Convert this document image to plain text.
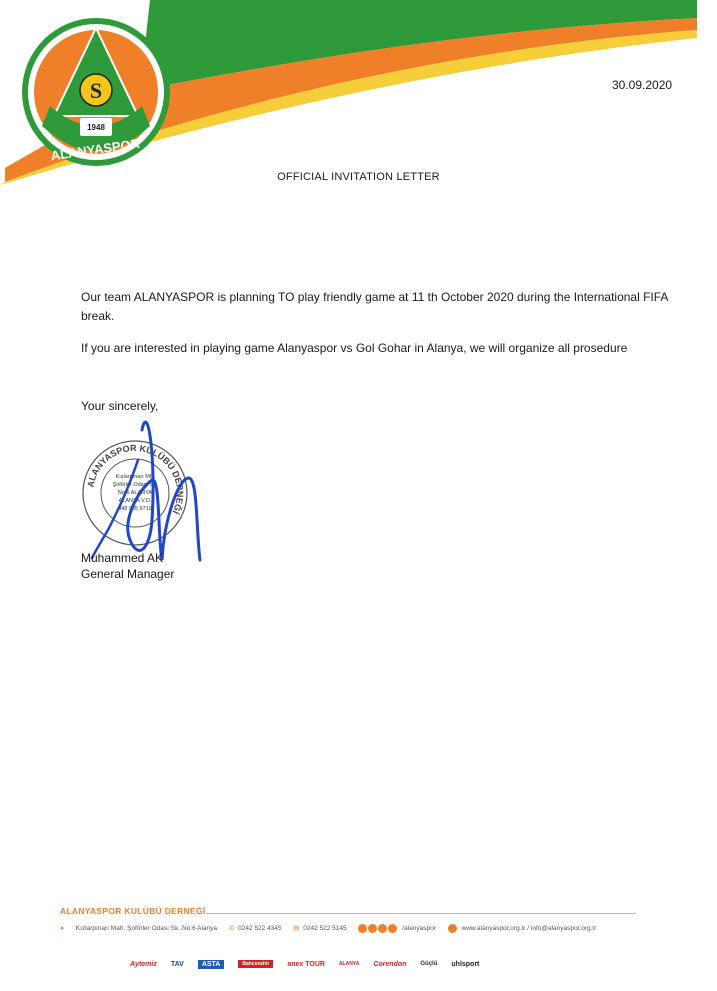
S
1948
ALANYASPOR
30.09.2020
OFFICIAL INVITATION LETTER
Our team ALANYASPOR is planning TO play friendly game at 11 th October 2020 during the International FIFA break.
If you are interested in playing game Alanyaspor vs Gol Gohar in Alanya, we will organize all prosedure
Your sincerely,
ALANYASPOR KULÜBÜ DERNEĞİ
Kızlarpınarı Mh.
Şoförler Odası Sk.
No:6 ALANYA
ALANYA V.D.
048 095 6710
Muhammed AK
General Manager
ALANYASPOR KULÜBÜ DERNEĞİ
● Kızlarpınarı Mah. Şoförler Odası Sk. No:6 Alanya ✆ 0242 522 4345 ▤ 0242 522 5145	/alanyaspor	www.alanyaspor.org.tr / info@alanyaspor.org.tr
Aytemiz TAV	ASTA	Bahcesehir	anex TOUR	ALANYA Corendon Güçlü uhlsport
